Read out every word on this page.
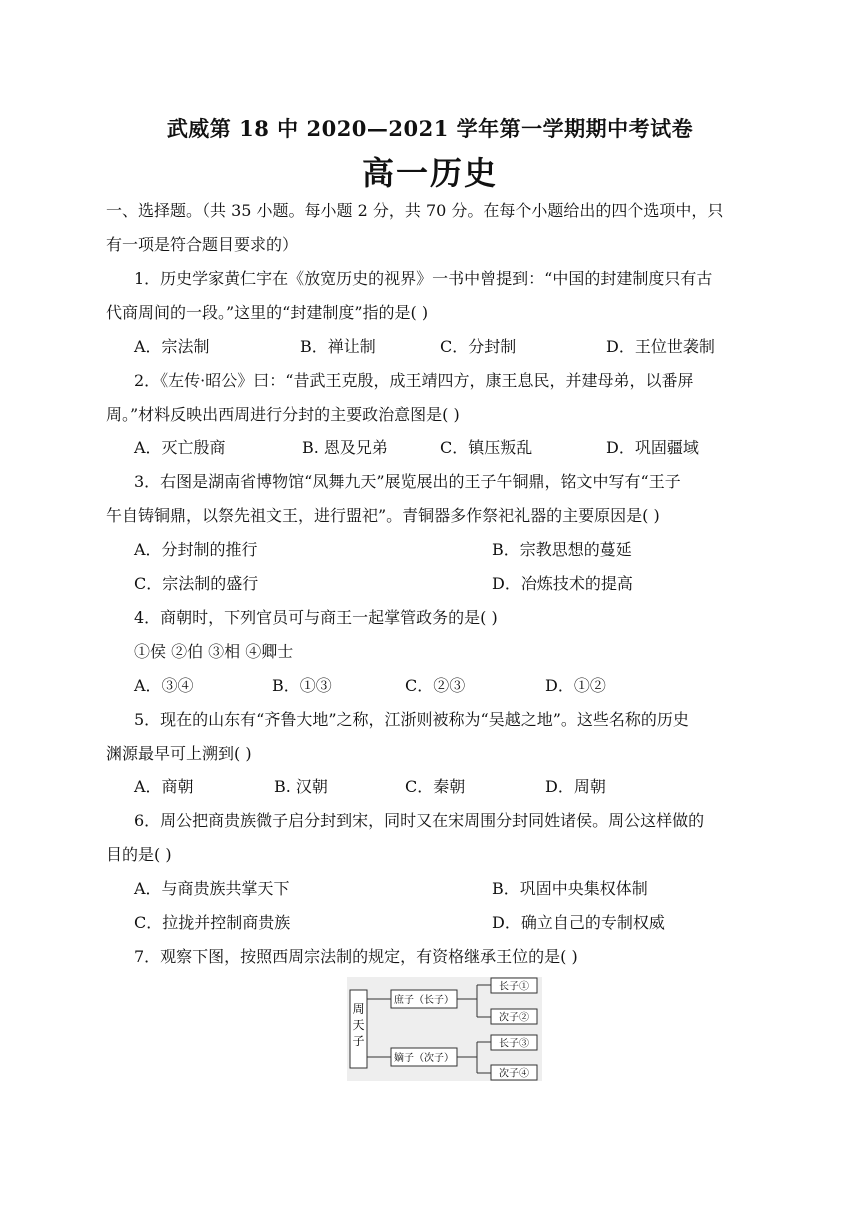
武威第 18 中 2020—2021 学年第一学期期中考试卷
高一历史
一、选择题。（共 35 小题。每小题 2 分，共 70 分。在每个小题给出的四个选项中，只
有一项是符合题目要求的）
1．历史学家黄仁宇在《放宽历史的视界》一书中曾提到：“中国的封建制度只有古
代商周间的一段。”这里的“封建制度”指的是( )
A．宗法制	B．禅让制	C．分封制	D．王位世袭制
2．《左传·昭公》曰：“昔武王克殷，成王靖四方，康王息民，并建母弟，以番屏
周。”材料反映出西周进行分封的主要政治意图是( )
A．灭亡殷商	B. 恩及兄弟	C．镇压叛乱	D．巩固疆域
3．右图是湖南省博物馆“凤舞九天”展览展出的王子午铜鼎，铭文中写有“王子
午自铸铜鼎，以祭先祖文王，进行盟祀”。青铜器多作祭祀礼器的主要原因是( )
A．分封制的推行	B．宗教思想的蔓延
C．宗法制的盛行	D．冶炼技术的提高
4．商朝时，下列官员可与商王一起掌管政务的是( )
①侯 ②伯 ③相 ④卿士
A．③④	B．①③	C．②③	D．①②
5．现在的山东有“齐鲁大地”之称，江浙则被称为“吴越之地”。这些名称的历史
渊源最早可上溯到( )
A．商朝	B. 汉朝	C．秦朝	D．周朝
6．周公把商贵族微子启分封到宋，同时又在宋周围分封同姓诸侯。周公这样做的
目的是( )
A．与商贵族共掌天下	B．巩固中央集权体制
C．拉拢并控制商贵族	D．确立自己的专制权威
7．观察下图，按照西周宗法制的规定，有资格继承王位的是( )
周
天
子
庶子（长子）
嫡子（次子）
长子①
次子②
长子③
次子④
